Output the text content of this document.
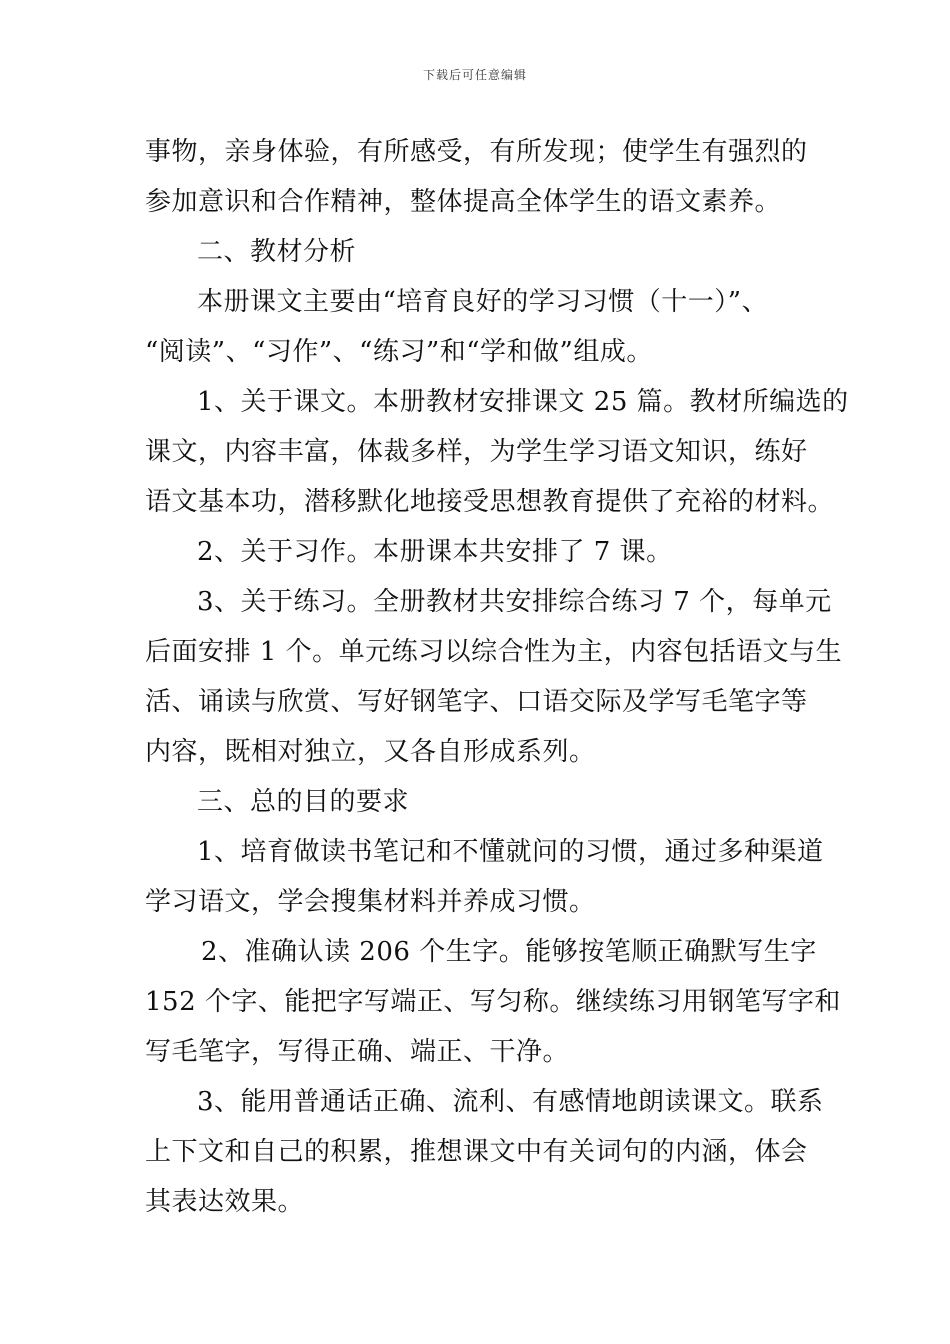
下载后可任意编辑
事物，亲身体验，有所感受，有所发现；使学生有强烈的
参加意识和合作精神，整体提高全体学生的语文素养。
二、教材分析
本册课文主要由“培育良好的学习习惯（十一）”、
“阅读”、“习作”、“练习”和“学和做”组成。
1、关于课文。本册教材安排课文 25 篇。教材所编选的
课文，内容丰富，体裁多样，为学生学习语文知识，练好
语文基本功，潜移默化地接受思想教育提供了充裕的材料。
2、关于习作。本册课本共安排了 7 课。
3、关于练习。全册教材共安排综合练习 7 个，每单元
后面安排 1 个。单元练习以综合性为主，内容包括语文与生
活、诵读与欣赏、写好钢笔字、口语交际及学写毛笔字等
内容，既相对独立，又各自形成系列。
三、总的目的要求
1、培育做读书笔记和不懂就问的习惯，通过多种渠道
学习语文，学会搜集材料并养成习惯。
2、准确认读 206 个生字。能够按笔顺正确默写生字
152 个字、能把字写端正、写匀称。继续练习用钢笔写字和
写毛笔字，写得正确、端正、干净。
3、能用普通话正确、流利、有感情地朗读课文。联系
上下文和自己的积累，推想课文中有关词句的内涵，体会
其表达效果。
